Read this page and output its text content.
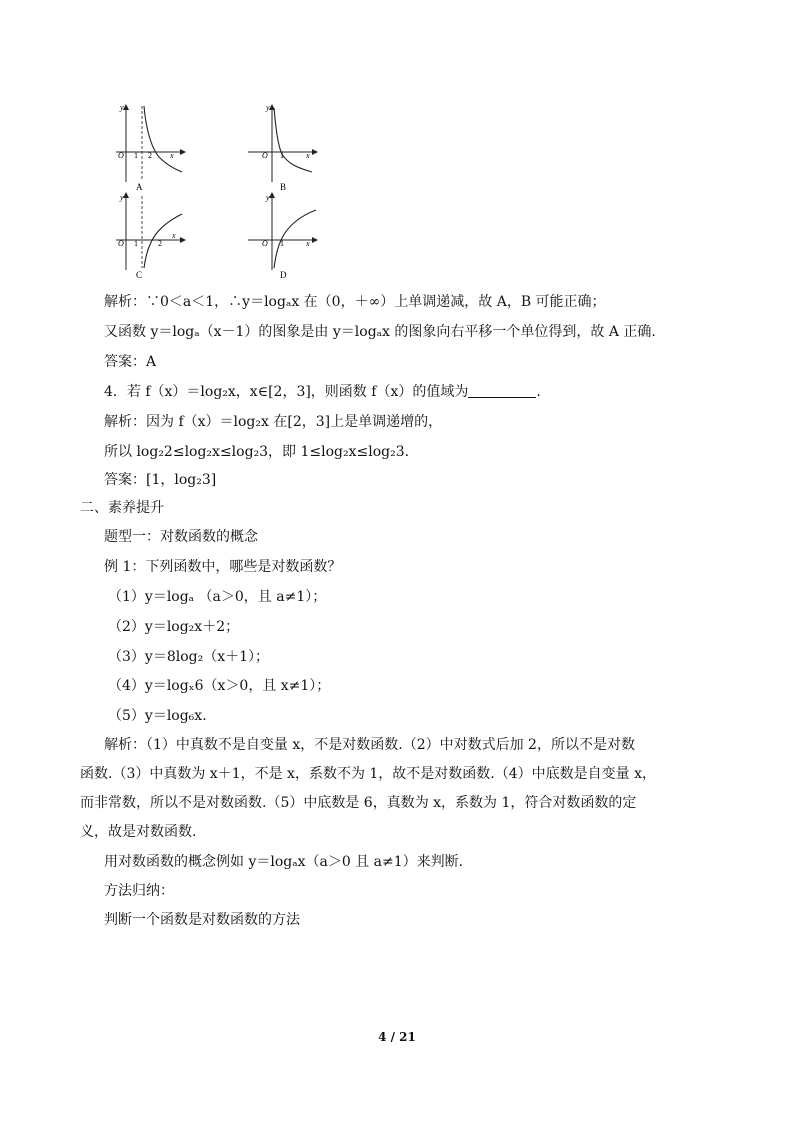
y
O 1 2 x
A
y
O 1	x
B
y
O 1	2
x
C
y
O 1	x
D
解析：∵0＜a＜1，∴y＝logₐx 在（0，＋∞）上单调递减，故 A，B 可能正确；
又函数 y＝logₐ（x－1）的图象是由 y＝logₐx 的图象向右平移一个单位得到，故 A 正确.
答案：A
4．若 f（x）＝log₂x，x∈[2，3]，则函数 f（x）的值域为	.
解析：因为 f（x）＝log₂x 在[2，3]上是单调递增的，
所以 log₂2≤log₂x≤log₂3，即 1≤log₂x≤log₂3.
答案：[1，log₂3]
二、素养提升
题型一：对数函数的概念
例 1：下列函数中，哪些是对数函数？
（1）y＝logₐ （a＞0，且 a≠1）；
（2）y＝log₂x＋2；
（3）y＝8log₂（x＋1）；
（4）y＝logₓ6（x＞0，且 x≠1）；
（5）y＝log₆x.
解析：（1）中真数不是自变量 x，不是对数函数.（2）中对数式后加 2，所以不是对数
函数.（3）中真数为 x＋1，不是 x，系数不为 1，故不是对数函数.（4）中底数是自变量 x，
而非常数，所以不是对数函数.（5）中底数是 6，真数为 x，系数为 1，符合对数函数的定
义，故是对数函数.
用对数函数的概念例如 y＝logₐx（a＞0 且 a≠1）来判断.
方法归纳：
判断一个函数是对数函数的方法
4 / 21
